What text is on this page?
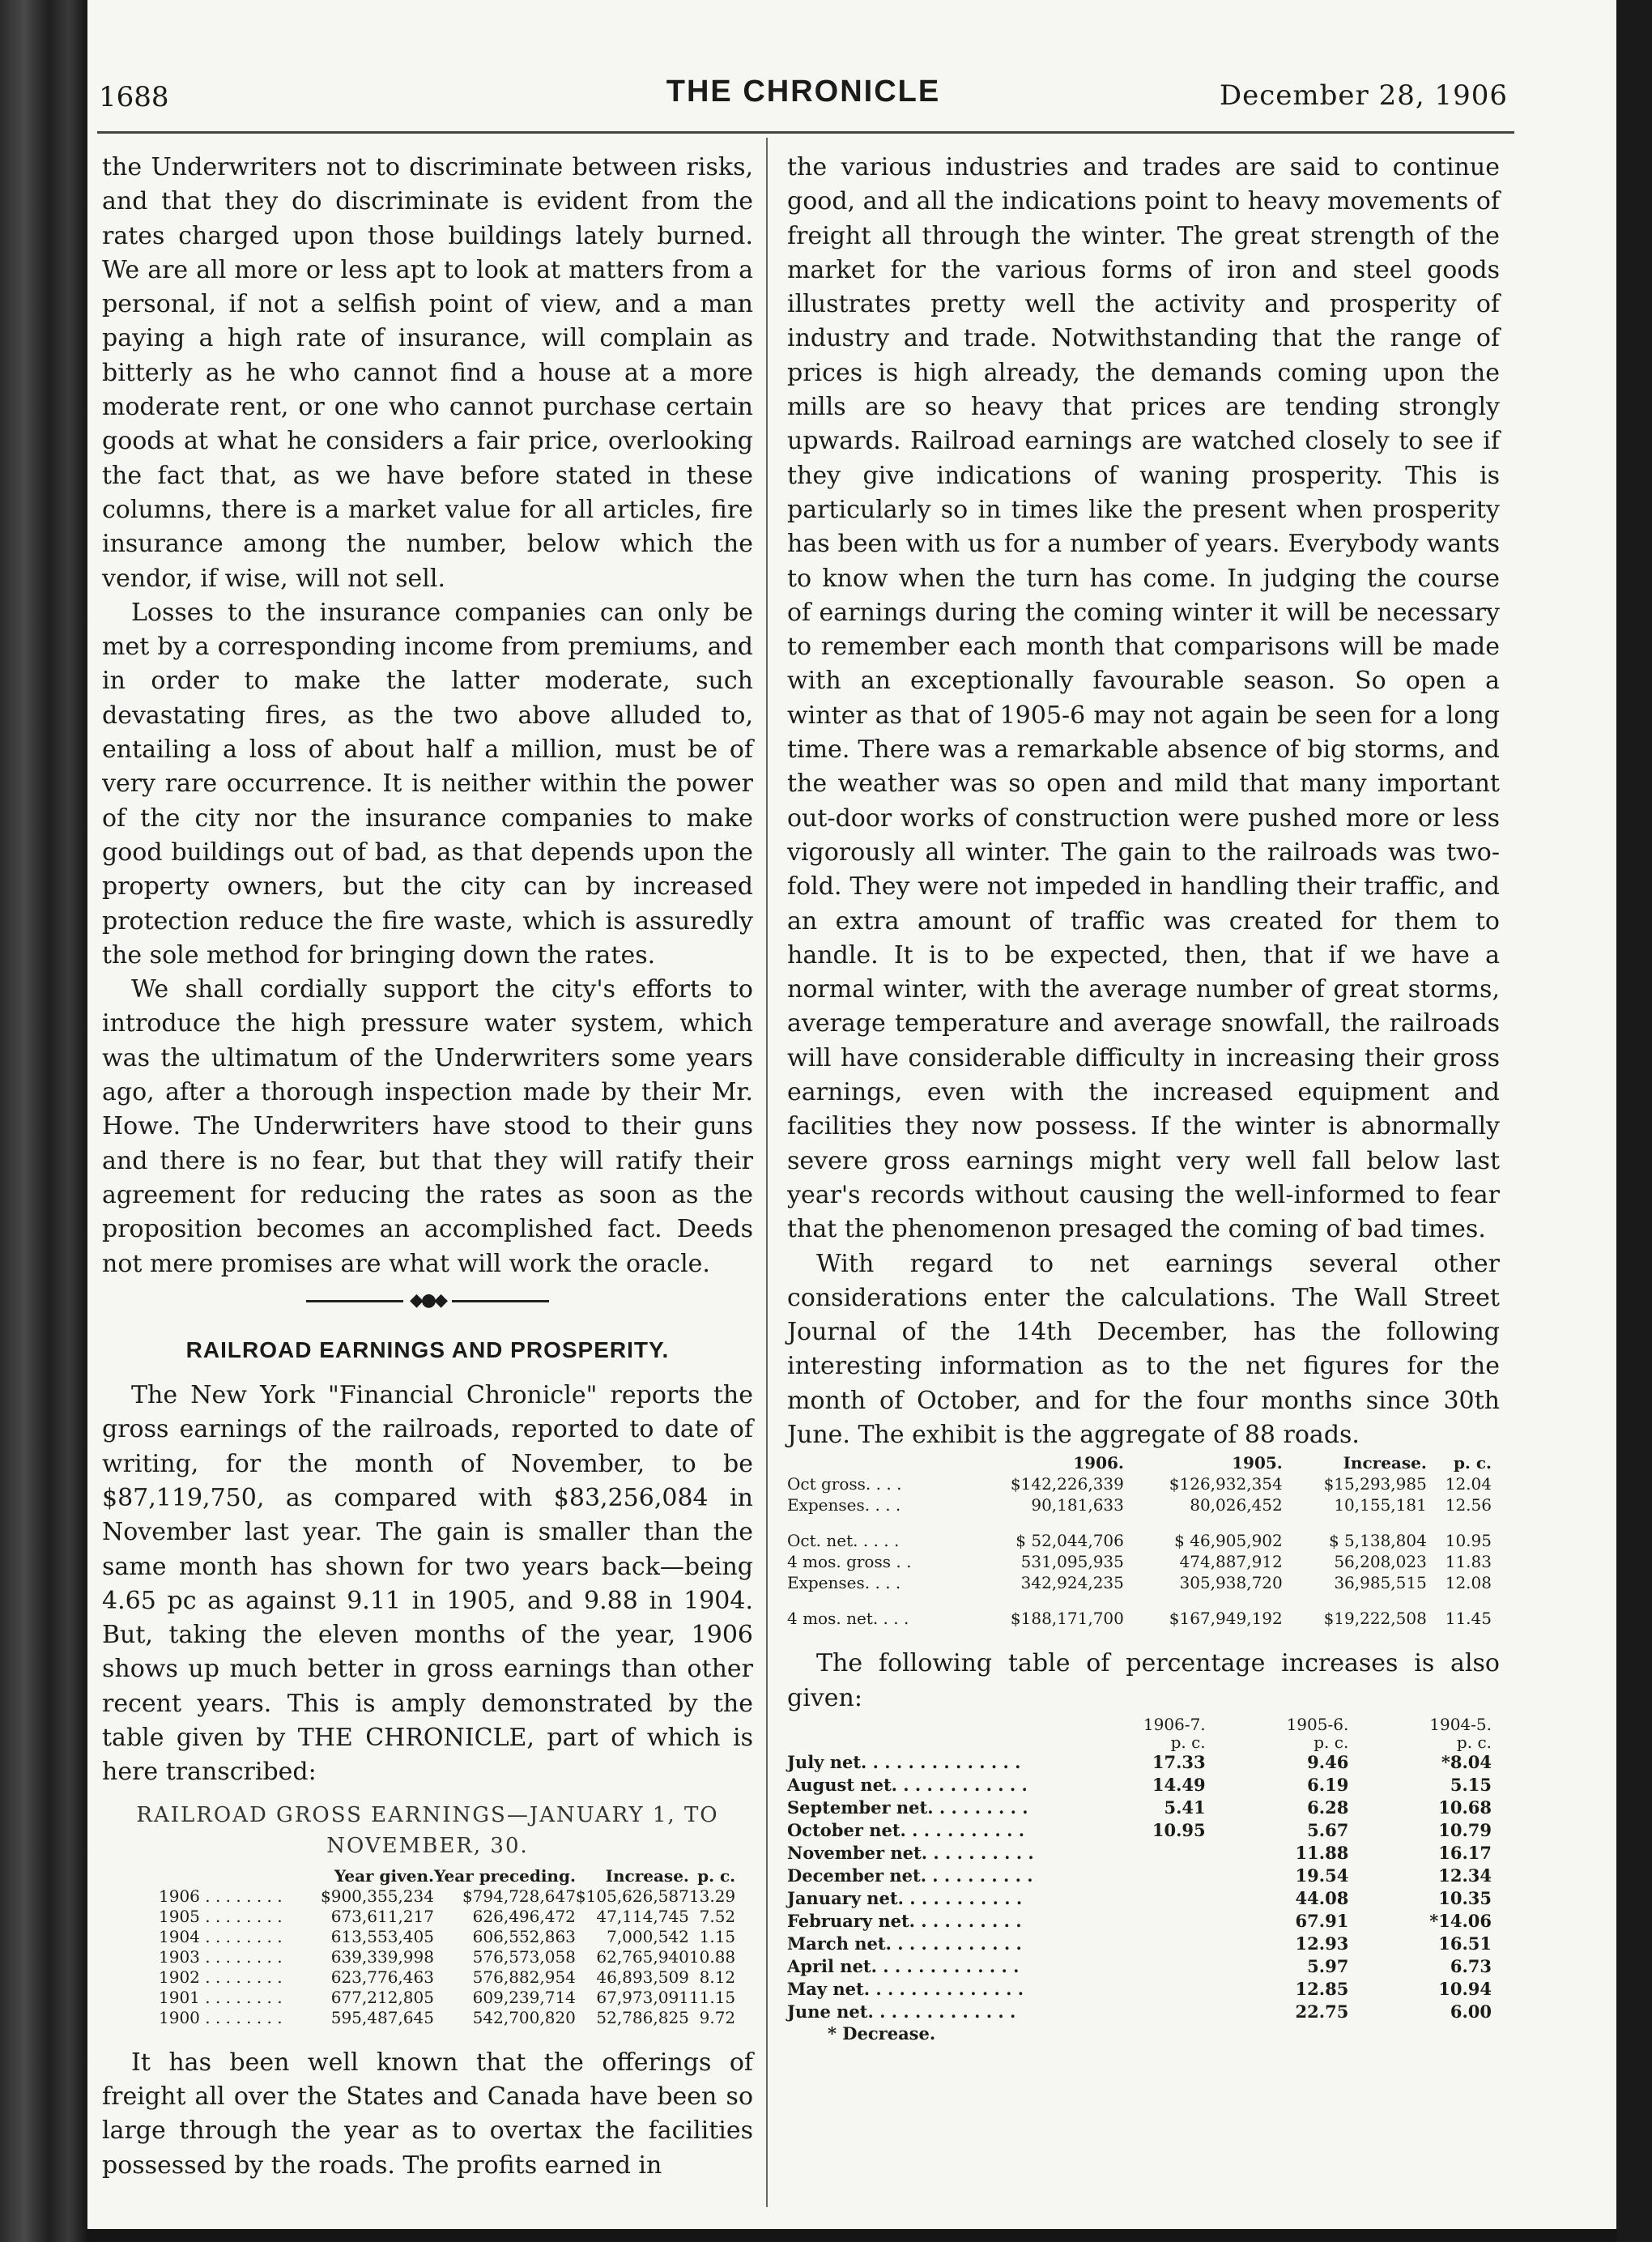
1688	THE CHRONICLE	December 28, 1906

the Underwriters not to discriminate between risks, and that they do discriminate is evident from the rates charged upon those buildings lately burned. We are all more or less apt to look at matters from a personal, if not a selfish point of view, and a man paying a high rate of insurance, will complain as bitterly as he who cannot find a house at a more moderate rent, or one who cannot purchase certain goods at what he considers a fair price, overlooking the fact that, as we have before stated in these columns, there is a market value for all articles, fire insurance among the number, below which the vendor, if wise, will not sell.

Losses to the insurance companies can only be met by a corresponding income from premiums, and in order to make the latter moderate, such devastating fires, as the two above alluded to, entailing a loss of about half a million, must be of very rare occurrence. It is neither within the power of the city nor the insurance companies to make good buildings out of bad, as that depends upon the property owners, but the city can by increased protection reduce the fire waste, which is assuredly the sole method for bringing down the rates.

We shall cordially support the city's efforts to introduce the high pressure water system, which was the ultimatum of the Underwriters some years ago, after a thorough inspection made by their Mr. Howe. The Underwriters have stood to their guns and there is no fear, but that they will ratify their agreement for reducing the rates as soon as the proposition becomes an accomplished fact. Deeds not mere promises are what will work the oracle.

◆●◆
RAILROAD EARNINGS AND PROSPERITY.

The New York "Financial Chronicle" reports the gross earnings of the railroads, reported to date of writing, for the month of November, to be $87,119,750, as compared with $83,256,084 in November last year. The gain is smaller than the same month has shown for two years back—being 4.65 pc as against 9.11 in 1905, and 9.88 in 1904. But, taking the eleven months of the year, 1906 shows up much better in gross earnings than other recent years. This is amply demonstrated by the table given by THE CHRONICLE, part of which is here transcribed:

RAILROAD GROSS EARNINGS—JANUARY 1, TO
NOVEMBER, 30.
	Year given.	Year preceding.	Increase.	p. c.
1906 . . . . . . . .	$900,355,234	$794,728,647	$105,626,587	13.29
1905 . . . . . . . .	673,611,217	626,496,472	47,114,745	7.52
1904 . . . . . . . .	613,553,405	606,552,863	7,000,542	1.15
1903 . . . . . . . .	639,339,998	576,573,058	62,765,940	10.88
1902 . . . . . . . .	623,776,463	576,882,954	46,893,509	8.12
1901 . . . . . . . .	677,212,805	609,239,714	67,973,091	11.15
1900 . . . . . . . .	595,487,645	542,700,820	52,786,825	9.72

It has been well known that the offerings of freight all over the States and Canada have been so large through the year as to overtax the facilities possessed by the roads. The profits earned in

the various industries and trades are said to continue good, and all the indications point to heavy movements of freight all through the winter. The great strength of the market for the various forms of iron and steel goods illustrates pretty well the activity and prosperity of industry and trade. Notwithstanding that the range of prices is high already, the demands coming upon the mills are so heavy that prices are tending strongly upwards. Railroad earnings are watched closely to see if they give indications of waning prosperity. This is particularly so in times like the present when prosperity has been with us for a number of years. Everybody wants to know when the turn has come. In judging the course of earnings during the coming winter it will be necessary to remember each month that comparisons will be made with an exceptionally favourable season. So open a winter as that of 1905-6 may not again be seen for a long time. There was a remarkable absence of big storms, and the weather was so open and mild that many important out-door works of construction were pushed more or less vigorously all winter. The gain to the railroads was two-fold. They were not impeded in handling their traffic, and an extra amount of traffic was created for them to handle. It is to be expected, then, that if we have a normal winter, with the average number of great storms, average temperature and average snowfall, the railroads will have considerable difficulty in increasing their gross earnings, even with the increased equipment and facilities they now possess. If the winter is abnormally severe gross earnings might very well fall below last year's records without causing the well-informed to fear that the phenomenon presaged the coming of bad times.

With regard to net earnings several other considerations enter the calculations. The Wall Street Journal of the 14th December, has the following interesting information as to the net figures for the month of October, and for the four months since 30th June. The exhibit is the aggregate of 88 roads.

	1906.	1905.	Increase.	p. c.
Oct gross. . . .	$142,226,339	$126,932,354	$15,293,985	12.04
Expenses. . . .	90,181,633	80,026,452	10,155,181	12.56
Oct. net. . . . .	$ 52,044,706	$ 46,905,902	$ 5,138,804	10.95
4 mos. gross . .	531,095,935	474,887,912	56,208,023	11.83
Expenses. . . .	342,924,235	305,938,720	36,985,515	12.08
4 mos. net. . . .	$188,171,700	$167,949,192	$19,222,508	11.45

The following table of percentage increases is also given:

	1906-7.	1905-6.	1904-5.
	p. c.	p. c.	p. c.
July net. . . . . . . . . . . . . .	17.33	9.46	*8.04
August net. . . . . . . . . . . .	14.49	6.19	5.15
September net. . . . . . . . .	5.41	6.28	10.68
October net. . . . . . . . . . .	10.95	5.67	10.79
November net. . . . . . . . . .		11.88	16.17
December net. . . . . . . . . .		19.54	12.34
January net. . . . . . . . . . .		44.08	10.35
February net. . . . . . . . . .		67.91	*14.06
March net. . . . . . . . . . . .		12.93	16.51
April net. . . . . . . . . . . . .		5.97	6.73
May net. . . . . . . . . . . . . .		12.85	10.94
June net. . . . . . . . . . . . .		22.75	6.00
* Decrease.
